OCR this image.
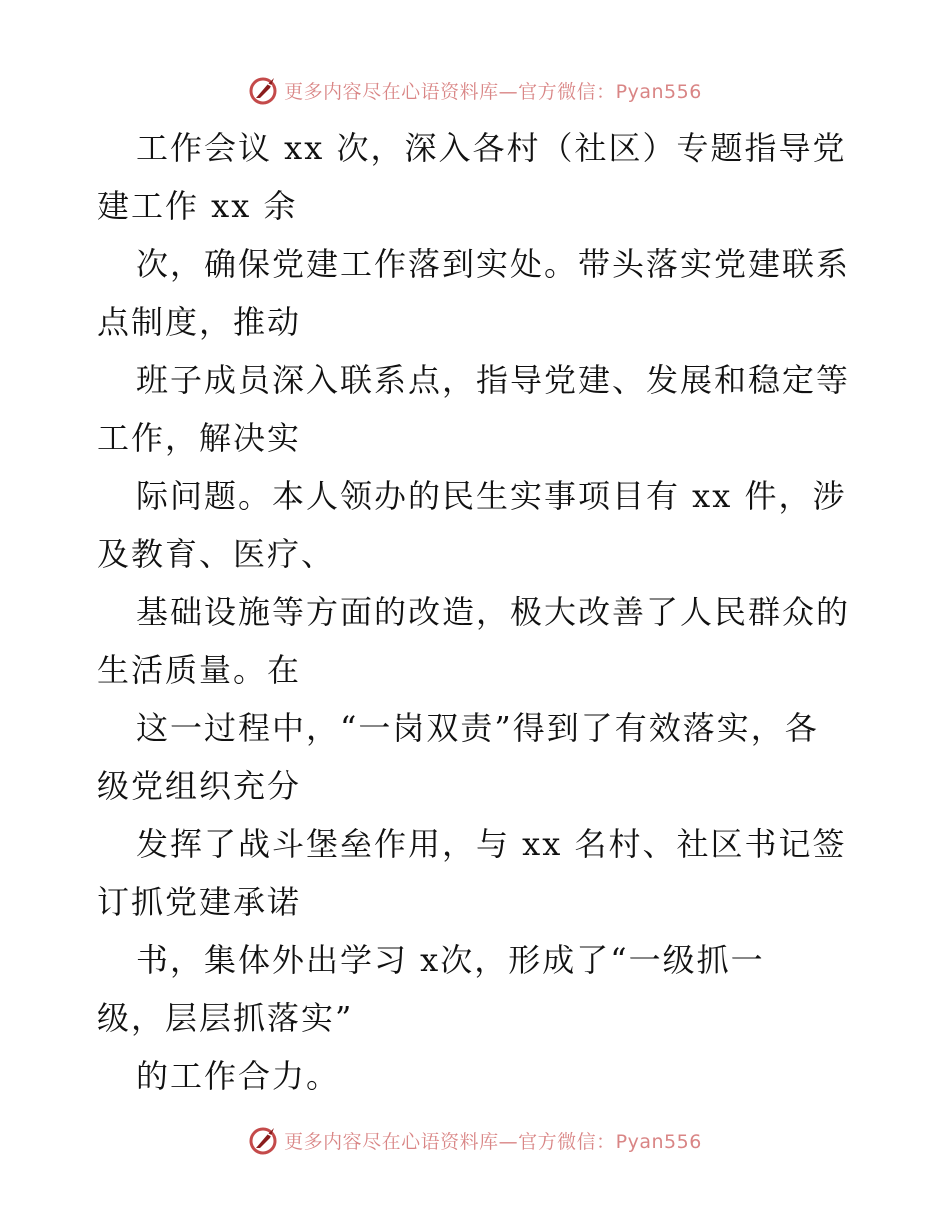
更多内容尽在心语资料库—官方微信：Pyan556
工作会议 xx 次，深入各村（社区）专题指导党
建工作 xx 余
次，确保党建工作落到实处。带头落实党建联系
点制度，推动
班子成员深入联系点，指导党建、发展和稳定等
工作，解决实
际问题。本人领办的民生实事项目有 xx 件，涉
及教育、医疗、
基础设施等方面的改造，极大改善了人民群众的
生活质量。在
这一过程中，“一岗双责”得到了有效落实，各
级党组织充分
发挥了战斗堡垒作用，与 xx 名村、社区书记签
订抓党建承诺
书，集体外出学习 x次，形成了“一级抓一
级，层层抓落实”
的工作合力。
更多内容尽在心语资料库—官方微信：Pyan556
